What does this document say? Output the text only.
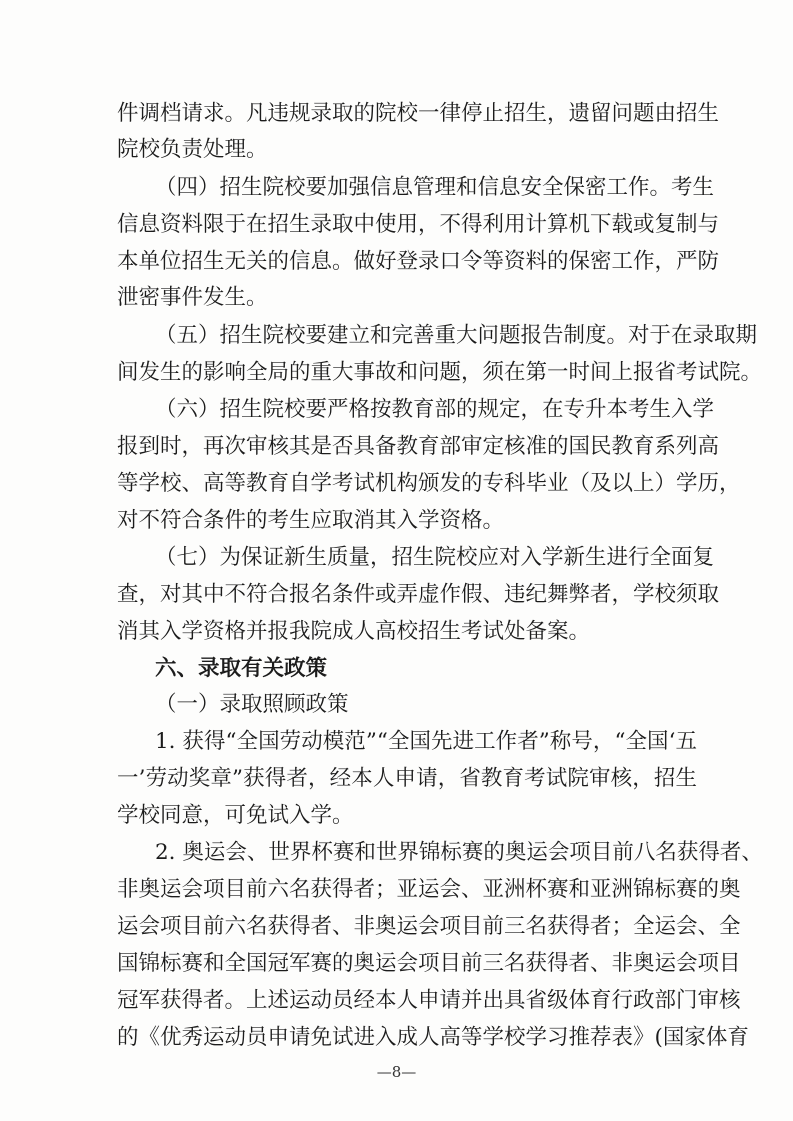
件调档请求。凡违规录取的院校一律停止招生，遗留问题由招生
院校负责处理。
（四）招生院校要加强信息管理和信息安全保密工作。考生
信息资料限于在招生录取中使用，不得利用计算机下载或复制与
本单位招生无关的信息。做好登录口令等资料的保密工作，严防
泄密事件发生。
（五）招生院校要建立和完善重大问题报告制度。对于在录取期
间发生的影响全局的重大事故和问题，须在第一时间上报省考试院。
（六）招生院校要严格按教育部的规定，在专升本考生入学
报到时，再次审核其是否具备教育部审定核准的国民教育系列高
等学校、高等教育自学考试机构颁发的专科毕业（及以上）学历，
对不符合条件的考生应取消其入学资格。
（七）为保证新生质量，招生院校应对入学新生进行全面复
查，对其中不符合报名条件或弄虚作假、违纪舞弊者，学校须取
消其入学资格并报我院成人高校招生考试处备案。
六、录取有关政策
（一）录取照顾政策
1. 获得“全国劳动模范”“全国先进工作者”称号，“全国‘五
一’劳动奖章”获得者，经本人申请，省教育考试院审核，招生
学校同意，可免试入学。
2. 奥运会、世界杯赛和世界锦标赛的奥运会项目前八名获得者、
非奥运会项目前六名获得者；亚运会、亚洲杯赛和亚洲锦标赛的奥
运会项目前六名获得者、非奥运会项目前三名获得者；全运会、全
国锦标赛和全国冠军赛的奥运会项目前三名获得者、非奥运会项目
冠军获得者。上述运动员经本人申请并出具省级体育行政部门审核
的《优秀运动员申请免试进入成人高等学校学习推荐表》(国家体育
—8—
